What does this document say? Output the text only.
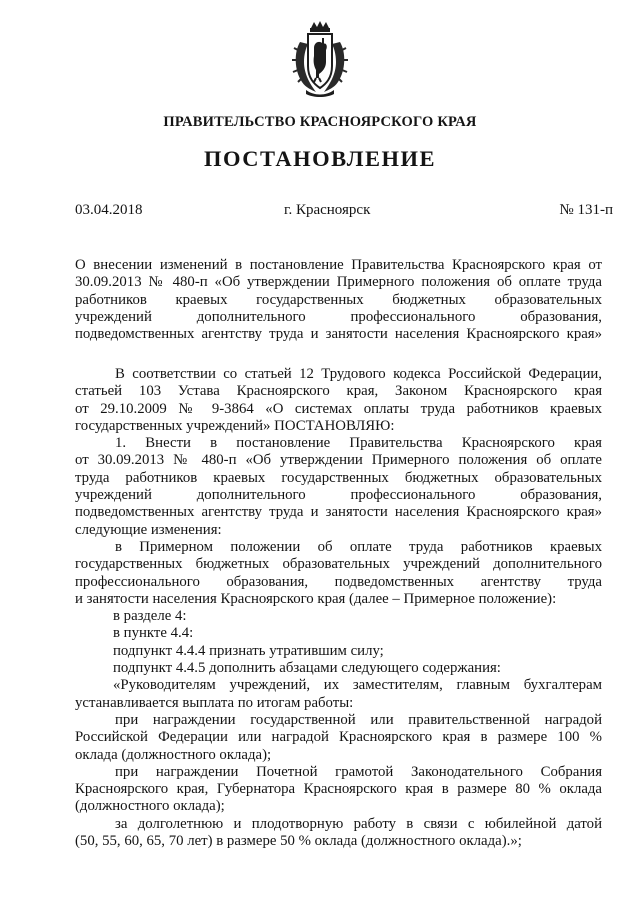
ПРАВИТЕЛЬСТВО КРАСНОЯРСКОГО КРАЯ
ПОСТАНОВЛЕНИЕ
03.04.2018	г. Красноярск	№ 131-п
О внесении изменений в постановление Правительства Красноярского края от
30.09.2013 № 480-п «Об утверждении Примерного положения об оплате труда
работников краевых государственных бюджетных образовательных
учреждений дополнительного профессионального образования,
подведомственных агентству труда и занятости населения Красноярского края»
В соответствии со статьей 12 Трудового кодекса Российской Федерации,
статьей 103 Устава Красноярского края, Законом Красноярского края
от 29.10.2009 № 9-3864 «О системах оплаты труда работников краевых
государственных учреждений» ПОСТАНОВЛЯЮ:
1. Внести в постановление Правительства Красноярского края
от 30.09.2013 № 480-п «Об утверждении Примерного положения об оплате
труда работников краевых государственных бюджетных образовательных
учреждений дополнительного профессионального образования,
подведомственных агентству труда и занятости населения Красноярского края»
следующие изменения:
в Примерном положении об оплате труда работников краевых
государственных бюджетных образовательных учреждений дополнительного
профессионального образования, подведомственных агентству труда
и занятости населения Красноярского края (далее – Примерное положение):
в разделе 4:
в пункте 4.4:
подпункт 4.4.4 признать утратившим силу;
подпункт 4.4.5 дополнить абзацами следующего содержания:
«Руководителям учреждений, их заместителям, главным бухгалтерам
устанавливается выплата по итогам работы:
при награждении государственной или правительственной наградой
Российской Федерации или наградой Красноярского края в размере 100 %
оклада (должностного оклада);
при награждении Почетной грамотой Законодательного Собрания
Красноярского края, Губернатора Красноярского края в размере 80 % оклада
(должностного оклада);
за долголетнюю и плодотворную работу в связи с юбилейной датой
(50, 55, 60, 65, 70 лет) в размере 50 % оклада (должностного оклада).»;
